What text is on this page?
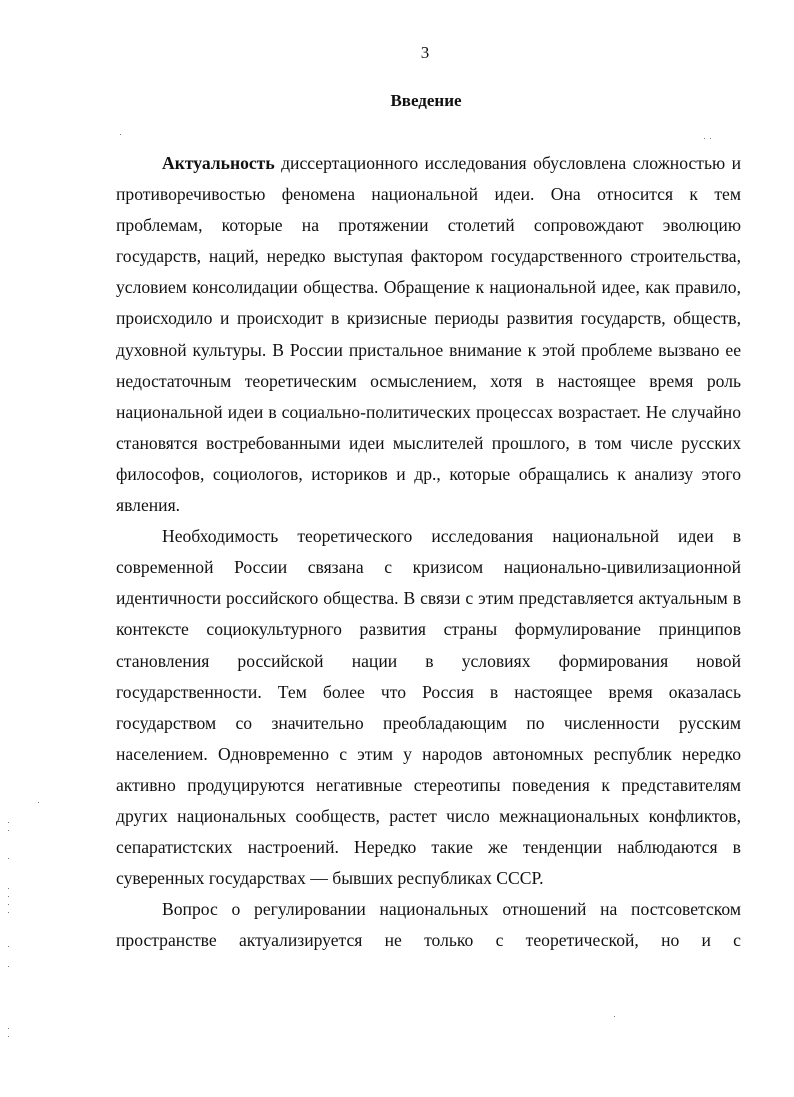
3
Введение

Актуальность диссертационного исследования обусловлена сложностью и противоречивостью феномена национальной идеи. Она относится к тем проблемам, которые на протяжении столетий сопровождают эволюцию государств, наций, нередко выступая фактором государственного строительства, условием консолидации общества. Обращение к национальной идее, как правило, происходило и происходит в кризисные периоды развития государств, обществ, духовной культуры. В России пристальное внимание к этой проблеме вызвано ее недостаточным теоретическим осмыслением, хотя в настоящее время роль национальной идеи в социально-политических процессах возрастает. Не случайно становятся востребованными идеи мыслителей прошлого, в том числе русских философов, социологов, историков и др., которые обращались к анализу этого явления.

Необходимость теоретического исследования национальной идеи в современной России связана с кризисом национально-цивилизационной идентичности российского общества. В связи с этим представляется актуальным в контексте социокультурного развития страны формулирование принципов становления российской нации в условиях формирования новой государственности. Тем более что Россия в настоящее время оказалась государством со значительно преобладающим по численности русским населением. Одновременно с этим у народов автономных республик нередко активно продуцируются негативные стереотипы поведения к представителям других национальных сообществ, растет число межнациональных конфликтов, сепаратистских настроений. Нередко такие же тенденции наблюдаются в суверенных государствах — бывших республиках СССР.

Вопрос о регулировании национальных отношений на постсоветском пространстве актуализируется не только с теоретической, но и с
